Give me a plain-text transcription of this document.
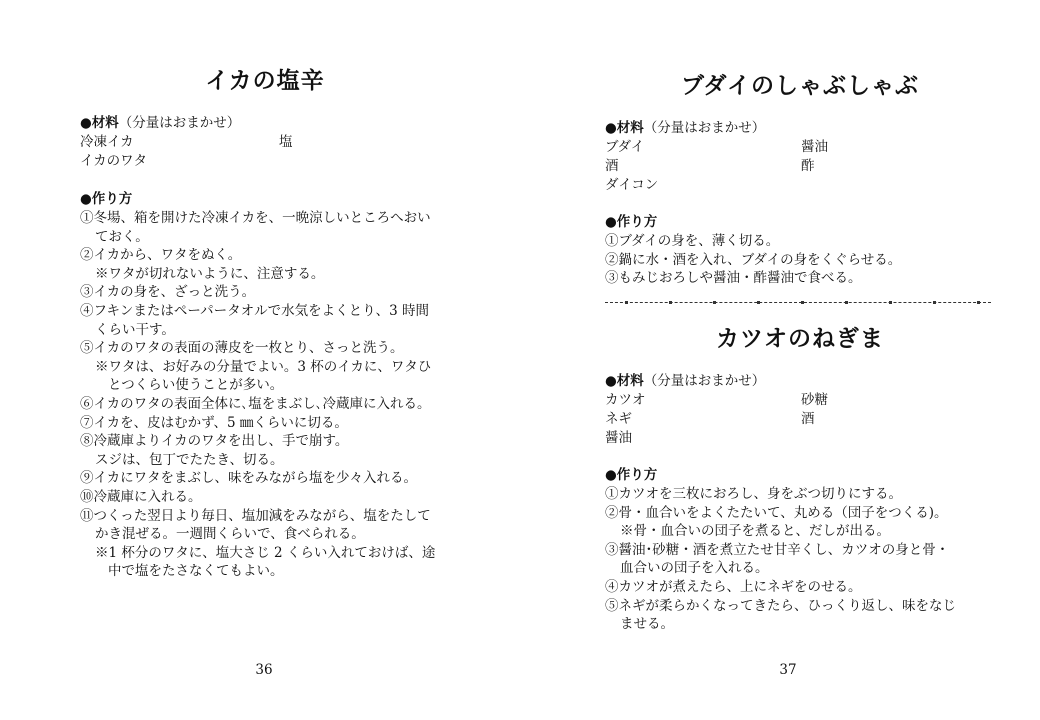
イカの塩辛

●材料（分量はおまかせ）

冷凍イカ	塩
イカのワタ

●作り方

①冬場、箱を開けた冷凍イカを、一晩涼しいところへおい
ておく。
②イカから、ワタをぬく。
※ワタが切れないように、注意する。
③イカの身を、ざっと洗う。
④フキンまたはペーパータオルで水気をよくとり、3 時間
くらい干す。
⑤イカのワタの表面の薄皮を一枚とり、さっと洗う。
※ワタは、お好みの分量でよい。3 杯のイカに、ワタひ
とつくらい使うことが多い。
⑥イカのワタの表面全体に､塩をまぶし､冷蔵庫に入れる。
⑦イカを、皮はむかず、5 ㎜くらいに切る。
⑧冷蔵庫よりイカのワタを出し、手で崩す。
スジは、包丁でたたき、切る。
⑨イカにワタをまぶし、味をみながら塩を少々入れる。
⑩冷蔵庫に入れる。
⑪つくった翌日より毎日、塩加減をみながら、塩をたして
かき混ぜる。一週間くらいで、食べられる。
※1 杯分のワタに、塩大さじ 2 くらい入れておけば、途
中で塩をたさなくてもよい。

36

ブダイのしゃぶしゃぶ

●材料（分量はおまかせ）

ブダイ	醤油
酒	酢
ダイコン

●作り方

①ブダイの身を、薄く切る。
②鍋に水・酒を入れ、ブダイの身をくぐらせる。
③もみじおろしや醤油・酢醤油で食べる。
カツオのねぎま

●材料（分量はおまかせ）

カツオ	砂糖
ネギ	酒
醤油

●作り方

①カツオを三枚におろし、身をぶつ切りにする。
②骨・血合いをよくたたいて、丸める（団子をつくる)。
※骨・血合いの団子を煮ると、だしが出る。
③醤油･砂糖・酒を煮立たせ甘辛くし、カツオの身と骨・
血合いの団子を入れる。
④カツオが煮えたら、上にネギをのせる。
⑤ネギが柔らかくなってきたら、ひっくり返し、味をなじ
ませる。

37
